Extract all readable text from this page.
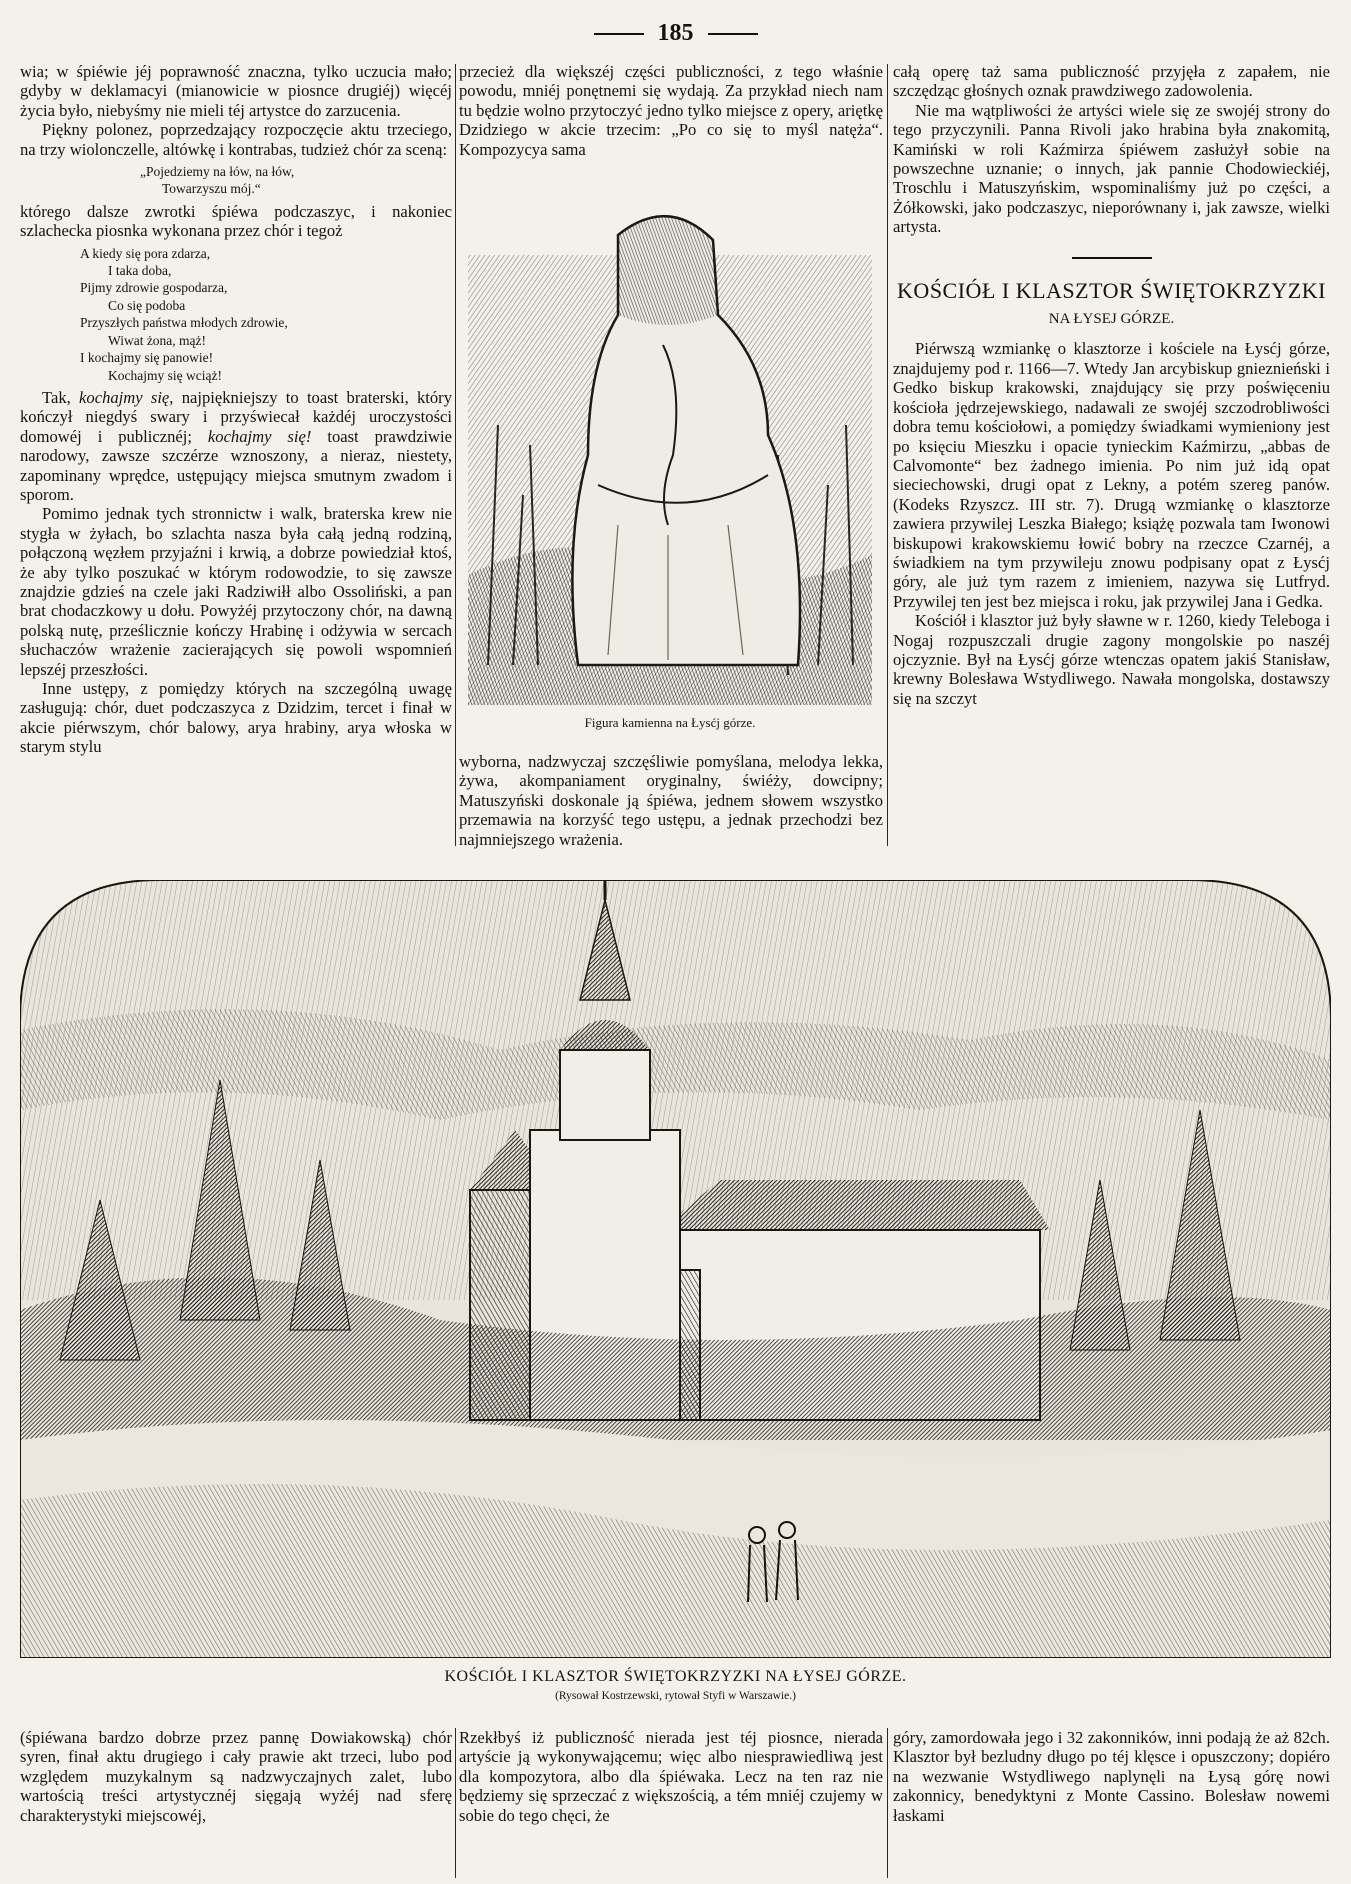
185

wia; w śpiéwie jéj poprawność znaczna, tylko uczucia mało; gdyby w deklamacyi (mianowicie w piosnce drugiéj) więcéj życia było, niebyśmy nie mieli téj artystce do zarzucenia.

Piękny polonez, poprzedzający rozpoczęcie aktu trzeciego, na trzy wiolonczelle, altówkę i kontrabas, tudzież chór za sceną:

„Pojedziemy na łów, na łów,
Towarzyszu mój.“

którego dalsze zwrotki śpiéwa podczaszyc, i nakoniec szlachecka piosnka wykonana przez chór i tegoż

A kiedy się pora zdarza,
I taka doba,
Pijmy zdrowie gospodarza,
Co się podoba
Przyszłych państwa młodych zdrowie,
Wiwat żona, mąż!
I kochajmy się panowie!
Kochajmy się wciąż!

Tak, kochajmy się, najpiękniejszy to toast braterski, który kończył niegdyś swary i przyświecał każdéj uroczystości domowéj i publicznéj; kochajmy się! toast prawdziwie narodowy, zawsze szczérze wznoszony, a nieraz, niestety, zapominany wprędce, ustępujący miejsca smutnym zwadom i sporom.

Pomimo jednak tych stronnictw i walk, braterska krew nie stygła w żyłach, bo szlachta nasza była całą jedną rodziną, połączoną węzłem przyjaźni i krwią, a dobrze powiedział ktoś, że aby tylko poszukać w którym rodowodzie, to się zawsze znajdzie gdzieś na czele jaki Radziwiłł albo Ossoliński, a pan brat chodaczkowy u dołu. Powyżéj przytoczony chór, na dawną polską nutę, prześlicznie kończy Hrabinę i odżywia w sercach słuchaczów wrażenie zacierających się powoli wspomnień lepszéj przeszłości.

Inne ustępy, z pomiędzy których na szczególną uwagę zasługują: chór, duet podczaszyca z Dzidzim, tercet i finał w akcie piérwszym, chór balowy, arya hrabiny, arya włoska w starym stylu

przecież dla większéj części publiczności, z tego właśnie powodu, mniéj ponętnemi się wydają. Za przykład niech nam tu będzie wolno przytoczyć jedno tylko miejsce z opery, ariętkę Dzidziego w akcie trzecim: „Po co się to myśl natęża“. Kompozycya sama

Figura kamienna na Łysćj górze.

wyborna, nadzwyczaj szczęśliwie pomyślana, melodya lekka, żywa, akompaniament oryginalny, świéży, dowcipny; Matuszyński doskonale ją śpiéwa, jednem słowem wszystko przemawia na korzyść tego ustępu, a jednak przechodzi bez najmniejszego wrażenia.

całą operę taż sama publiczność przyjęła z zapałem, nie szczędząc głośnych oznak prawdziwego zadowolenia.

Nie ma wątpliwości że artyści wiele się ze swojéj strony do tego przyczynili. Panna Rivoli jako hrabina była znakomitą, Kamiński w roli Kaźmirza śpiéwem zasłużył sobie na powszechne uznanie; o innych, jak pannie Chodowieckiéj, Troschlu i Matuszyńskim, wspominaliśmy już po części, a Żółkowski, jako podczaszyc, nieporównany i, jak zawsze, wielki artysta.

KOŚCIÓŁ I KLASZTOR ŚWIĘTOKRZYZKI
NA ŁYSEJ GÓRZE.

Piérwszą wzmiankę o klasztorze i kościele na Łysćj górze, znajdujemy pod r. 1166—7. Wtedy Jan arcybiskup gnieznieński i Gedko biskup krakowski, znajdujący się przy poświęceniu kościoła jędrzejewskiego, nadawali ze swojéj szczodrobliwości dobra temu kościołowi, a pomiędzy świadkami wymieniony jest po księciu Mieszku i opacie tynieckim Kaźmirzu, „abbas de Calvomonte“ bez żadnego imienia. Po nim już idą opat sieciechowski, drugi opat z Lekny, a potém szereg panów. (Kodeks Rzyszcz. III str. 7). Drugą wzmiankę o klasztorze zawiera przywilej Leszka Białego; książę pozwala tam Iwonowi biskupowi krakowskiemu łowić bobry na rzeczce Czarnéj, a świadkiem na tym przywileju znowu podpisany opat z Łysćj góry, ale już tym razem z imieniem, nazywa się Lutfryd. Przywilej ten jest bez miejsca i roku, jak przywilej Jana i Gedka.

Kościół i klasztor już były sławne w r. 1260, kiedy Teleboga i Nogaj rozpuszczali drugie zagony mongolskie po naszéj ojczyznie. Był na Łysćj górze wtenczas opatem jakiś Stanisław, krewny Bolesława Wstydliwego. Nawała mongolska, dostawszy się na szczyt

KOŚCIÓŁ I KLASZTOR ŚWIĘTOKRZYZKI NA ŁYSEJ GÓRZE.
(Rysował Kostrzewski, rytował Styfi w Warszawie.)

(śpiéwana bardzo dobrze przez pannę Dowiakowską) chór syren, finał aktu drugiego i cały prawie akt trzeci, lubo pod względem muzykalnym są nadzwyczajnych zalet, lubo wartością treści artystycznéj sięgają wyżéj nad sferę charakterystyki miejscowéj,

Rzekłbyś iż publiczność nierada jest téj piosnce, nierada artyście ją wykonywającemu; więc albo niesprawiedliwą jest dla kompozytora, albo dla śpiéwaka. Lecz na ten raz nie będziemy się sprzeczać z większością, a tém mniéj czujemy w sobie do tego chęci, że

góry, zamordowała jego i 32 zakonników, inni podają że aż 82ch. Klasztor był bezludny długo po téj klęsce i opuszczony; dopiéro na wezwanie Wstydliwego naplynęli na Łysą górę nowi zakonnicy, benedyktyni z Monte Cassino. Bolesław nowemi łaskami
